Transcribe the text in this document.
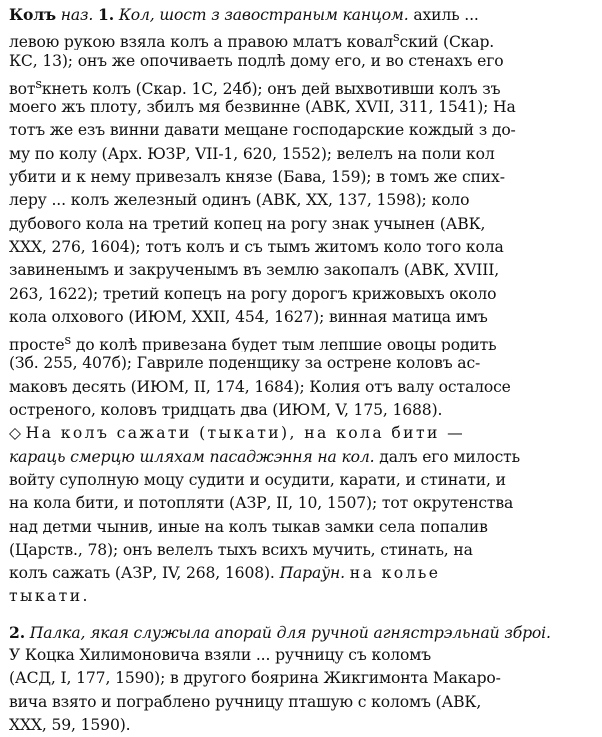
Колъ наз. 1. Кол, шост з завостраным канцом. ахиль ...
левою рукою взяла колъ а правою млатъ ковал$^s$ский (Скар.
КС, 13); онъ же опочиваеть подлѣ дому его, и во стенахъ его
вот$^s$кнеть колъ (Скар. 1С, 24б); онъ дей выхвотивши колъ зъ
моего жъ плоту, збилъ мя безвинне (АВК, XVII, 311, 1541); На
тотъ же езъ винни давати мещане господарские кождый з до-
му по колу (Арх. ЮЗР, VII-1, 620, 1552); велелъ на поли кол
убити и к нему привезалъ князе (Бава, 159); в томъ же спих-
леру ... колъ железный одинъ (АВК, XX, 137, 1598); коло
дубового кола на третий копец на рогу знак учынен (АВК,
ХХХ, 276, 1604); тотъ колъ и съ тымъ житомъ коло того кола
завиненымъ и закрученымъ въ землю закопалъ (АВК, XVIII,
263, 1622); третий копецъ на рогу дорогъ крижовыхъ около
кола олхового (ИЮМ, XXII, 454, 1627); винная матица имъ
просте$^s$ до колѣ привезана будет тым лепшие овоцы родить
(Зб. 255, 407б); Гавриле поденщику за острене коловъ ас-
маковъ десять (ИЮМ, II, 174, 1684); Колия отъ валу осталосе
остреного, коловъ тридцать два (ИЮМ, V, 175, 1688).
◇ На колъ сажати (тыкати), на кола бити —
караць смерцю шляхам пасаджэння на кол. далъ его милость
войту суполную моцу судити и осудити, карати, и стинати, и
на кола бити, и потопляти (АЗР, II, 10, 1507); тот окрутенства
над детми чынив, иные на колъ тыкав замки села попалив
(Царств., 78); онъ велелъ тыхъ всихъ мучить, стинать, на
колъ сажать (АЗР, IV, 268, 1608). Параўн. на колье
тыкати.
2. Палка, якая служыла апорай для ручной агнястрэльнай зброі.
У Коцка Хилимоновича взяли ... ручницу съ коломъ
(АСД, I, 177, 1590); в другого боярина Жикгимонта Макаро-
вича взято и пограблено ручницу пташую с коломъ (АВК,
ХХХ, 59, 1590).
